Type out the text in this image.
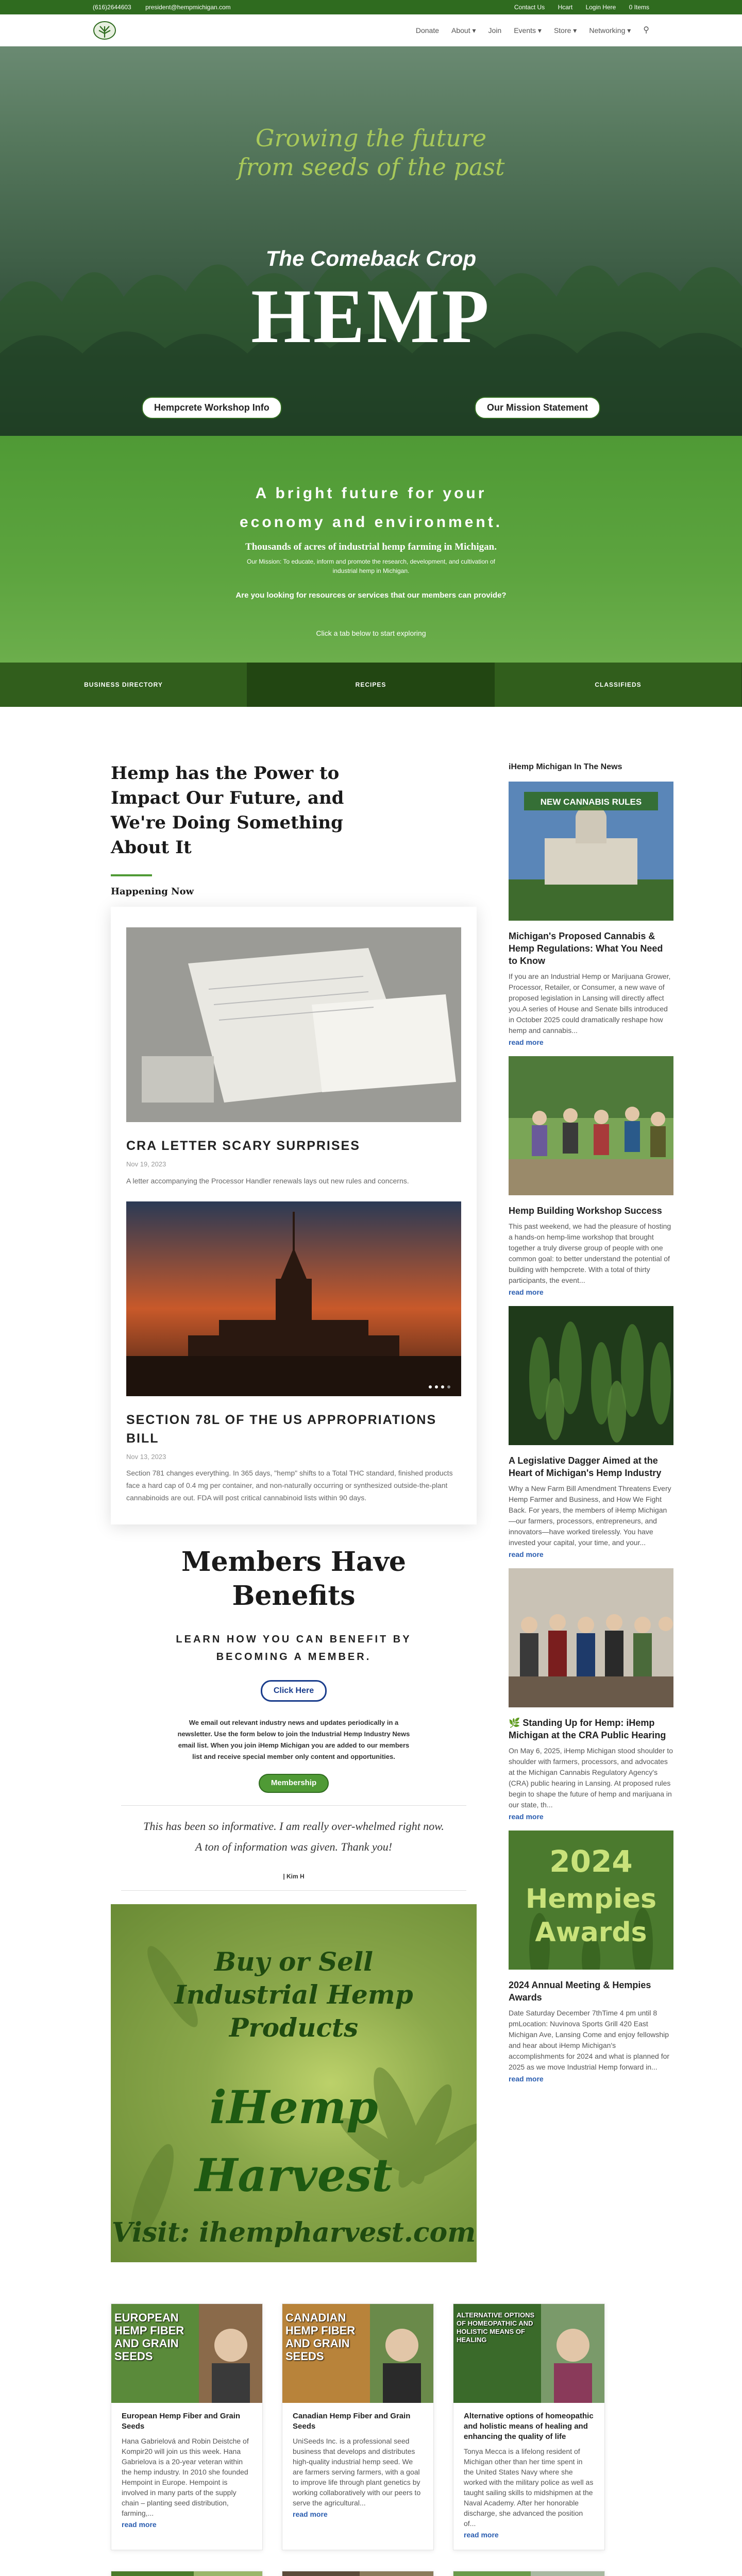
(616)2644603 president@hempmichigan.com	Contact Us Hcart Login Here 0 Items
Donate About ▾ Join Events ▾ Store ▾ Networking ▾ ⚲
Growing the future
from seeds of the past
The Comeback Crop
HEMP
Hempcrete Workshop Info	Our Mission Statement
A bright future for your
economy and environment.
Thousands of acres of industrial hemp farming in Michigan.
Our Mission: To educate, inform and promote the research, development, and cultivation of
industrial hemp in Michigan.
Are you looking for resources or services that our members can provide?
Click a tab below to start exploring
BUSINESS DIRECTORY	RECIPES	CLASSIFIEDS
Hemp has the Power to Impact Our Future, and We're Doing Something About It
Happening Now
CRA LETTER SCARY SURPRISES
Nov 19, 2023
A letter accompanying the Processor Handler renewals lays out new rules and concerns.
SECTION 78L OF THE US APPROPRIATIONS BILL
Nov 13, 2023
Section 781 changes everything. In 365 days, "hemp" shifts to a Total THC standard, finished products face a hard cap of 0.4 mg per container, and non-naturally occurring or synthesized outside-the-plant cannabinoids are out. FDA will post critical cannabinoid lists within 90 days.
Members Have
Benefits
LEARN HOW YOU CAN BENEFIT BY
BECOMING A MEMBER.
Click Here
We email out relevant industry news and updates periodically in a
newsletter. Use the form below to join the Industrial Hemp Industry News
email list. When you join iHemp Michigan you are added to our members
list and receive special member only content and opportunities.
Membership
This has been so informative. I am really over-whelmed right now.
A ton of information was given. Thank you!
| Kim H
Buy or Sell
Industrial Hemp
Products
iHemp Harvest
Visit: ihempharvest.com
iHemp Michigan In The News
NEW CANNABIS RULES
Michigan's Proposed Cannabis & Hemp Regulations: What You Need to Know
If you are an Industrial Hemp or Marijuana Grower, Processor, Retailer, or Consumer, a new wave of proposed legislation in Lansing will directly affect you.A series of House and Senate bills introduced in October 2025 could dramatically reshape how hemp and cannabis...
read more
Hemp Building Workshop Success
This past weekend, we had the pleasure of hosting a hands-on hemp-lime workshop that brought together a truly diverse group of people with one common goal: to better understand the potential of building with hempcrete. With a total of thirty participants, the event...
read more
A Legislative Dagger Aimed at the Heart of Michigan's Hemp Industry
Why a New Farm Bill Amendment Threatens Every Hemp Farmer and Business, and How We Fight Back. For years, the members of iHemp Michigan—our farmers, processors, entrepreneurs, and innovators—have worked tirelessly. You have invested your capital, your time, and your...
read more
🌿 Standing Up for Hemp: iHemp Michigan at the CRA Public Hearing
On May 6, 2025, iHemp Michigan stood shoulder to shoulder with farmers, processors, and advocates at the Michigan Cannabis Regulatory Agency's (CRA) public hearing in Lansing. At proposed rules begin to shape the future of hemp and marijuana in our state, th...
read more
2024
Hempies
Awards
2024 Annual Meeting & Hempies Awards
Date Saturday December 7thTime 4 pm until 8 pmLocation: Nuvinova Sports Grill 420 East Michigan Ave, Lansing Come and enjoy fellowship and hear about iHemp Michigan's accomplishments for 2024 and what is planned for 2025 as we move Industrial Hemp forward in...
read more
EUROPEAN HEMP FIBER AND GRAIN SEEDS
European Hemp Fiber and Grain Seeds
Hana Gabrielová and Robin Deistche of Kompir20 will join us this week. Hana Gabrielova is a 20-year veteran within the hemp industry. In 2010 she founded Hempoint in Europe. Hempoint is involved in many parts of the supply chain – planting seed distribution, farming,...
read more
CANADIAN HEMP FIBER AND GRAIN SEEDS
Canadian Hemp Fiber and Grain Seeds
UniSeeds Inc. is a professional seed business that develops and distributes high-quality industrial hemp seed. We are farmers serving farmers, with a goal to improve life through plant genetics by working collaboratively with our peers to serve the agricultural...
read more
ALTERNATIVE OPTIONS OF HOMEOPATHIC AND HOLISTIC MEANS OF HEALING
Alternative options of homeopathic and holistic means of healing and enhancing the quality of life
Tonya Mecca is a lifelong resident of Michigan other than her time spent in the United States Navy where she worked with the military police as well as taught sailing skills to midshipmen at the Naval Academy. After her honorable discharge, she advanced the position of...
read more
